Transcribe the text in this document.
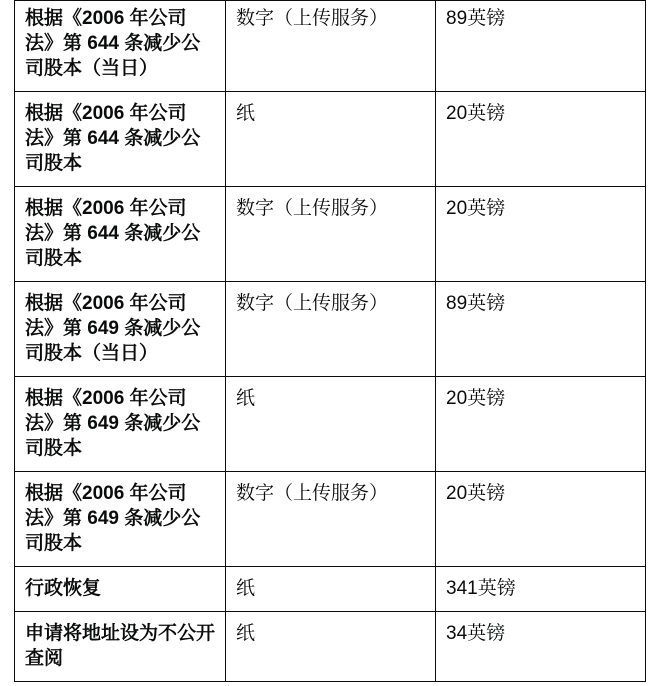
根据《2006 年公司法》第 644 条减少公司股本（当日）	数字（上传服务）	89英镑
根据《2006 年公司法》第 644 条减少公司股本	纸	20英镑
根据《2006 年公司法》第 644 条减少公司股本	数字（上传服务）	20英镑
根据《2006 年公司法》第 649 条减少公司股本（当日）	数字（上传服务）	89英镑
根据《2006 年公司法》第 649 条减少公司股本	纸	20英镑
根据《2006 年公司法》第 649 条减少公司股本	数字（上传服务）	20英镑
行政恢复	纸	341英镑
申请将地址设为不公开查阅	纸	34英镑
